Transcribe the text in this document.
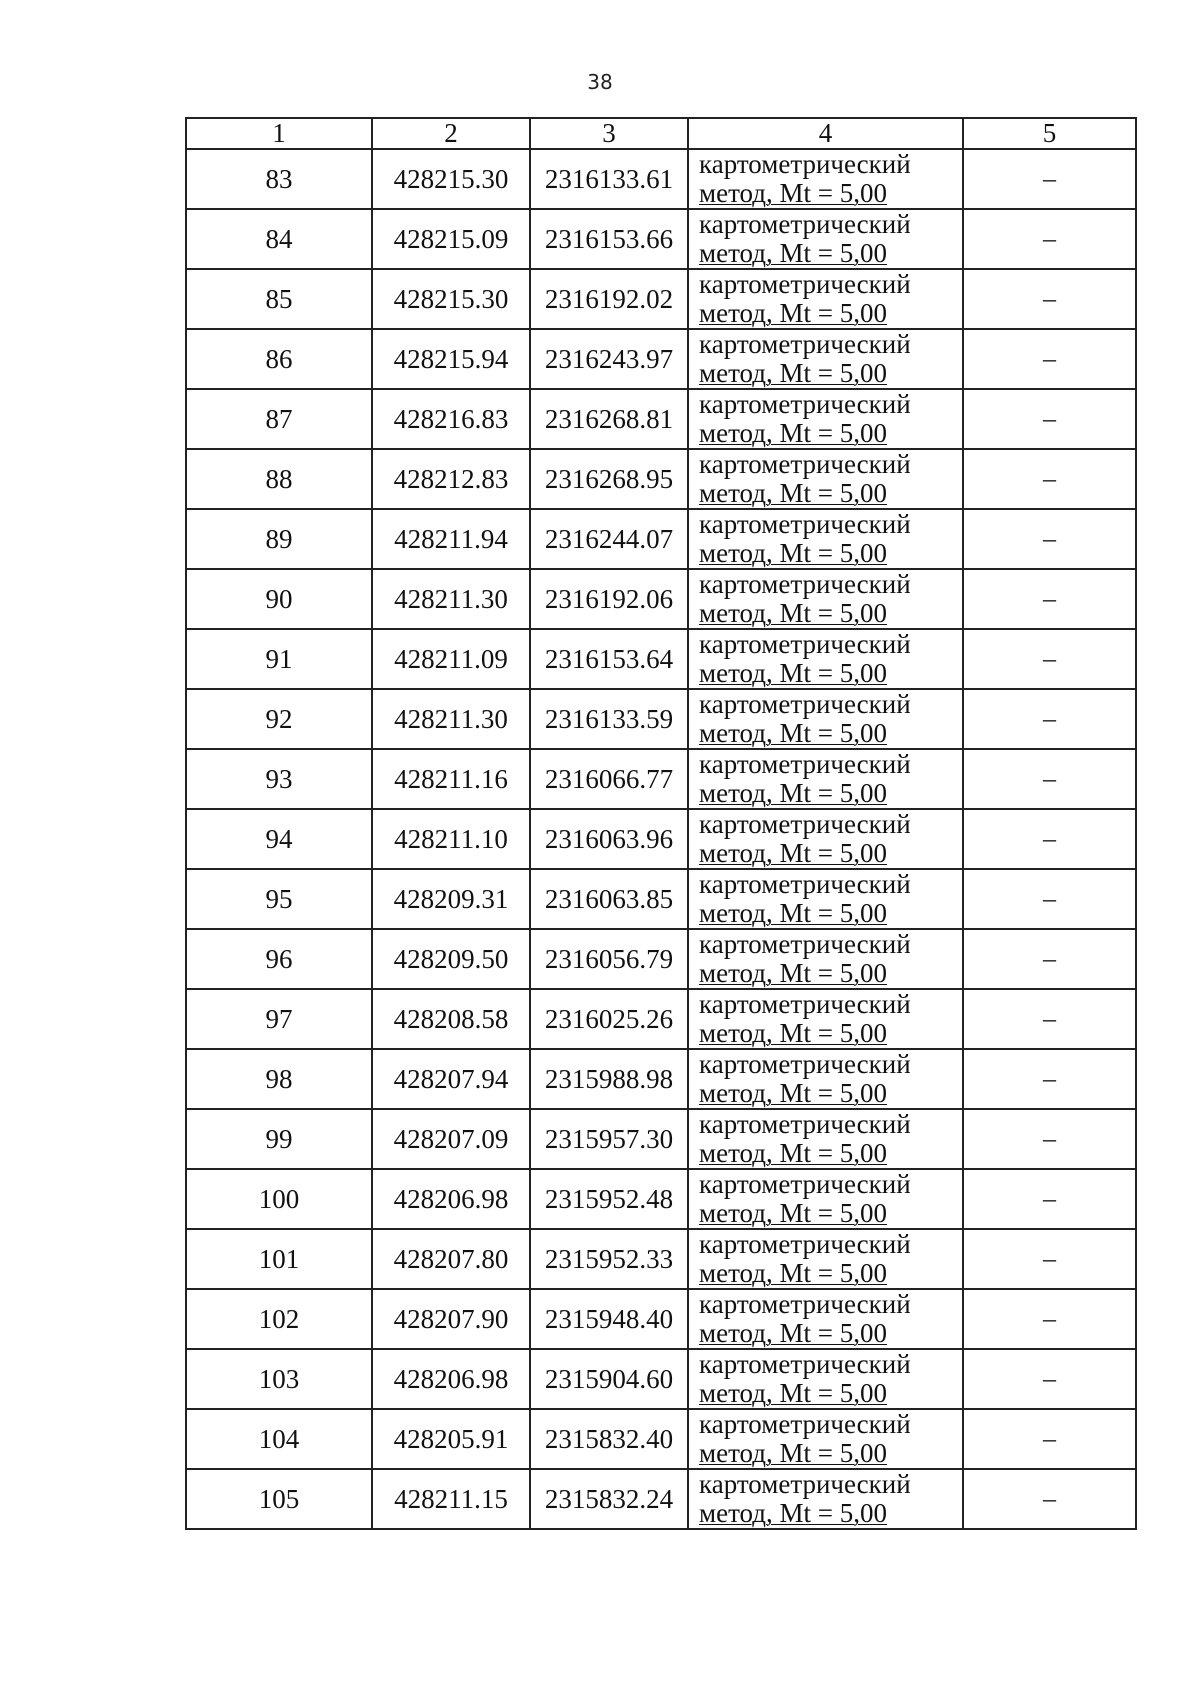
38
1	2	3	4	5
83	428215.30	2316133.61	картометрический
метод, Mt = 5,00	–
84	428215.09	2316153.66	картометрический
метод, Mt = 5,00	–
85	428215.30	2316192.02	картометрический
метод, Mt = 5,00	–
86	428215.94	2316243.97	картометрический
метод, Mt = 5,00	–
87	428216.83	2316268.81	картометрический
метод, Mt = 5,00	–
88	428212.83	2316268.95	картометрический
метод, Mt = 5,00	–
89	428211.94	2316244.07	картометрический
метод, Mt = 5,00	–
90	428211.30	2316192.06	картометрический
метод, Mt = 5,00	–
91	428211.09	2316153.64	картометрический
метод, Mt = 5,00	–
92	428211.30	2316133.59	картометрический
метод, Mt = 5,00	–
93	428211.16	2316066.77	картометрический
метод, Mt = 5,00	–
94	428211.10	2316063.96	картометрический
метод, Mt = 5,00	–
95	428209.31	2316063.85	картометрический
метод, Mt = 5,00	–
96	428209.50	2316056.79	картометрический
метод, Mt = 5,00	–
97	428208.58	2316025.26	картометрический
метод, Mt = 5,00	–
98	428207.94	2315988.98	картометрический
метод, Mt = 5,00	–
99	428207.09	2315957.30	картометрический
метод, Mt = 5,00	–
100	428206.98	2315952.48	картометрический
метод, Mt = 5,00	–
101	428207.80	2315952.33	картометрический
метод, Mt = 5,00	–
102	428207.90	2315948.40	картометрический
метод, Mt = 5,00	–
103	428206.98	2315904.60	картометрический
метод, Mt = 5,00	–
104	428205.91	2315832.40	картометрический
метод, Mt = 5,00	–
105	428211.15	2315832.24	картометрический
метод, Mt = 5,00	–
